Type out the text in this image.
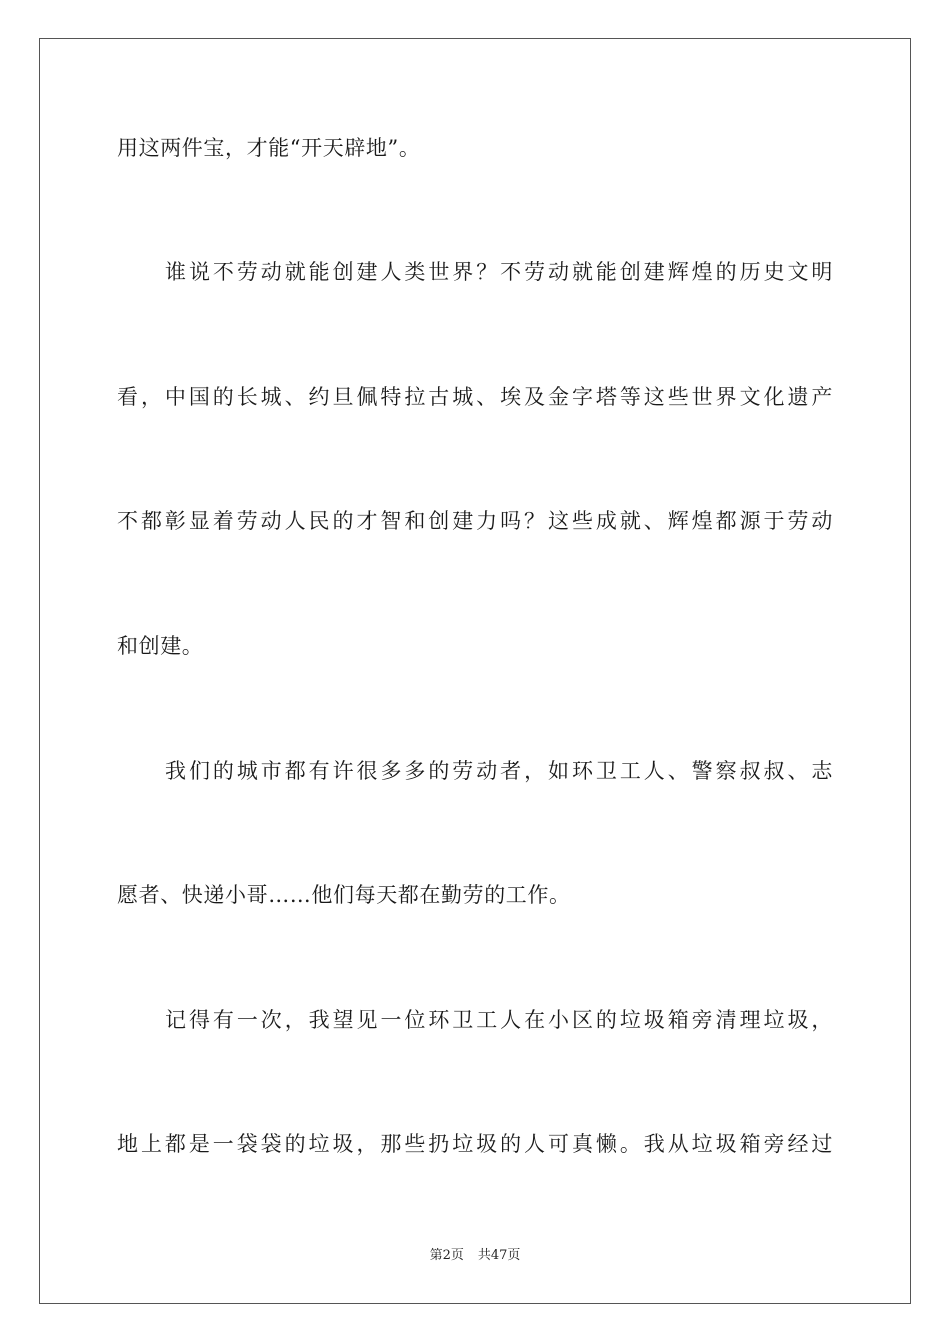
用这两件宝，才能“开天辟地”。
谁说不劳动就能创建人类世界？不劳动就能创建辉煌的历史文明
看，中国的长城、约旦佩特拉古城、埃及金字塔等这些世界文化遗产
不都彰显着劳动人民的才智和创建力吗？这些成就、辉煌都源于劳动
和创建。
我们的城市都有许很多多的劳动者，如环卫工人、警察叔叔、志
愿者、快递小哥……他们每天都在勤劳的工作。
记得有一次，我望见一位环卫工人在小区的垃圾箱旁清理垃圾，
地上都是一袋袋的垃圾，那些扔垃圾的人可真懒。我从垃圾箱旁经过
第2页 共47页
